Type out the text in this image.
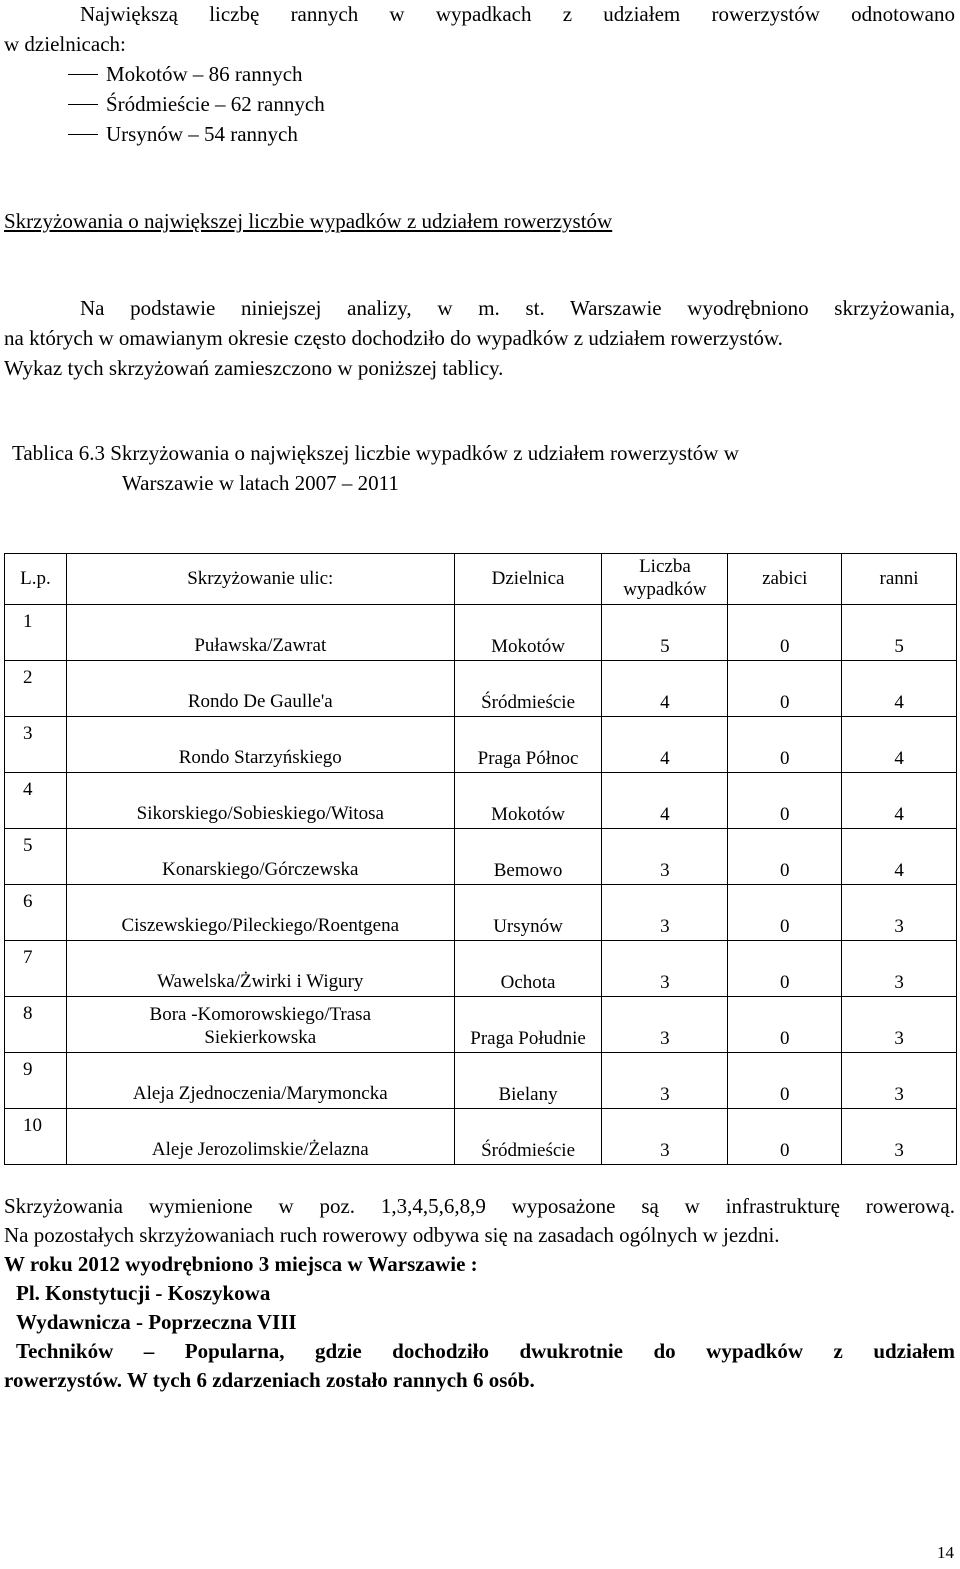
Największą liczbę rannych w wypadkach z udziałem rowerzystów odnotowano
w dzielnicach:
Mokotów – 86 rannych
Śródmieście – 62 rannych
Ursynów – 54 rannych
Skrzyżowania o największej liczbie wypadków z udziałem rowerzystów
Na podstawie niniejszej analizy, w m. st. Warszawie wyodrębniono skrzyżowania,
na których w omawianym okresie często dochodziło do wypadków z udziałem rowerzystów.
Wykaz tych skrzyżowań zamieszczono w poniższej tablicy.
Tablica 6.3 Skrzyżowania o największej liczbie wypadków z udziałem rowerzystów w
Warszawie w latach 2007 – 2011
L.p.	Skrzyżowanie ulic:	Dzielnica	Liczba
wypadków	zabici	ranni
1	Puławska/Zawrat	Mokotów	5	0	5
2	Rondo De Gaulle'a	Śródmieście	4	0	4
3	Rondo Starzyńskiego	Praga Północ	4	0	4
4	Sikorskiego/Sobieskiego/Witosa	Mokotów	4	0	4
5	Konarskiego/Górczewska	Bemowo	3	0	4
6	Ciszewskiego/Pileckiego/Roentgena	Ursynów	3	0	3
7	Wawelska/Żwirki i Wigury	Ochota	3	0	3
8	Bora -Komorowskiego/Trasa
Siekierkowska	Praga Południe	3	0	3
9	Aleja Zjednoczenia/Marymoncka	Bielany	3	0	3
10	Aleje Jerozolimskie/Żelazna	Śródmieście	3	0	3
Skrzyżowania wymienione w poz. 1,3,4,5,6,8,9 wyposażone są w infrastrukturę rowerową.
Na pozostałych skrzyżowaniach ruch rowerowy odbywa się na zasadach ogólnych w jezdni.
W roku 2012 wyodrębniono 3 miejsca w Warszawie :
Pl. Konstytucji - Koszykowa
Wydawnicza - Poprzeczna VIII
Techników – Popularna, gdzie dochodziło dwukrotnie do wypadków z udziałem
rowerzystów. W tych 6 zdarzeniach zostało rannych 6 osób.
14
